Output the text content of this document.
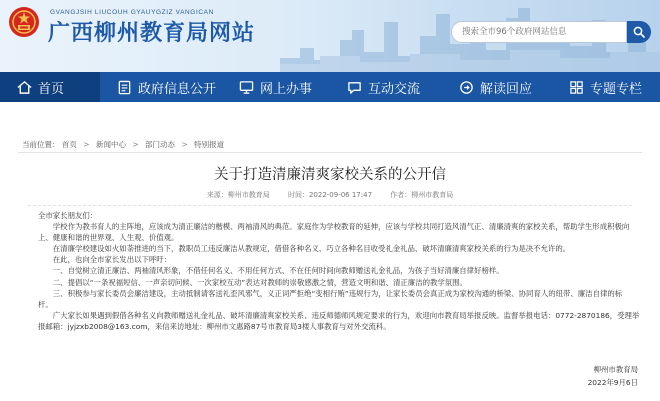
GVANGJSIH LIUCOUH GYAUYGZIZ VANGICAN
广西柳州教育局网站
搜索全市96个政府网站信息
首页	政府信息公开	网上办事	互动交流	解读回应	专题专栏
当前位置： 首页 > 新闻中心 > 部门动态 > 特别报道
关于打造清廉清爽家校关系的公开信
来源：柳州市教育局	时间：2022-09-06 17:47	作者：柳州市教育局

全市家长朋友们：

　　学校作为教书育人的主阵地，应该成为清正廉洁的楷模、两袖清风的典范。家庭作为学校教育的延伸，应该与学校共同打造风清气正、清廉清爽的家校关系，帮助学生形成积极向

上、健康和谐的世界观、人生观、价值观。

　　在清廉学校建设如火如荼推进的当下，教职员工违反廉洁从教规定，借借各种名义、巧立各种名目收受礼金礼品、破坏清廉清爽家校关系的行为是决不允许的。

　　在此，也向全市家长发出以下呼吁：

　　一、自觉树立清正廉洁、两袖清风形象，不借任何名义、不用任何方式、不在任何时间向教师赠送礼金礼品，为孩子当好清廉自律好榜样。

　　二、提倡以“一条祝福短信、一声亲切问候、一次家校互动”表达对教师的崇敬感激之情，营造文明和谐、清正廉洁的教学氛围。

　　三、积极参与家长委员会廉洁建设，主动抵制请客送礼歪风邪气，义正词严拒绝“变相行贿”违规行为，让家长委员会真正成为家校沟通的桥梁、协同育人的纽带、廉洁自律的标

杆。

　　广大家长如果遇到假借各种名义向教师赠送礼金礼品、破坏清廉清爽家校关系、违反师德师风规定要求的行为，欢迎向市教育局举报反映。监督举报电话：0772-2870186，受理举

报邮箱：jyjzxb2008@163.com，来信来访地址：柳州市文惠路87号市教育局3楼人事教育与对外交流科。

柳州市教育局
2022年9月6日
